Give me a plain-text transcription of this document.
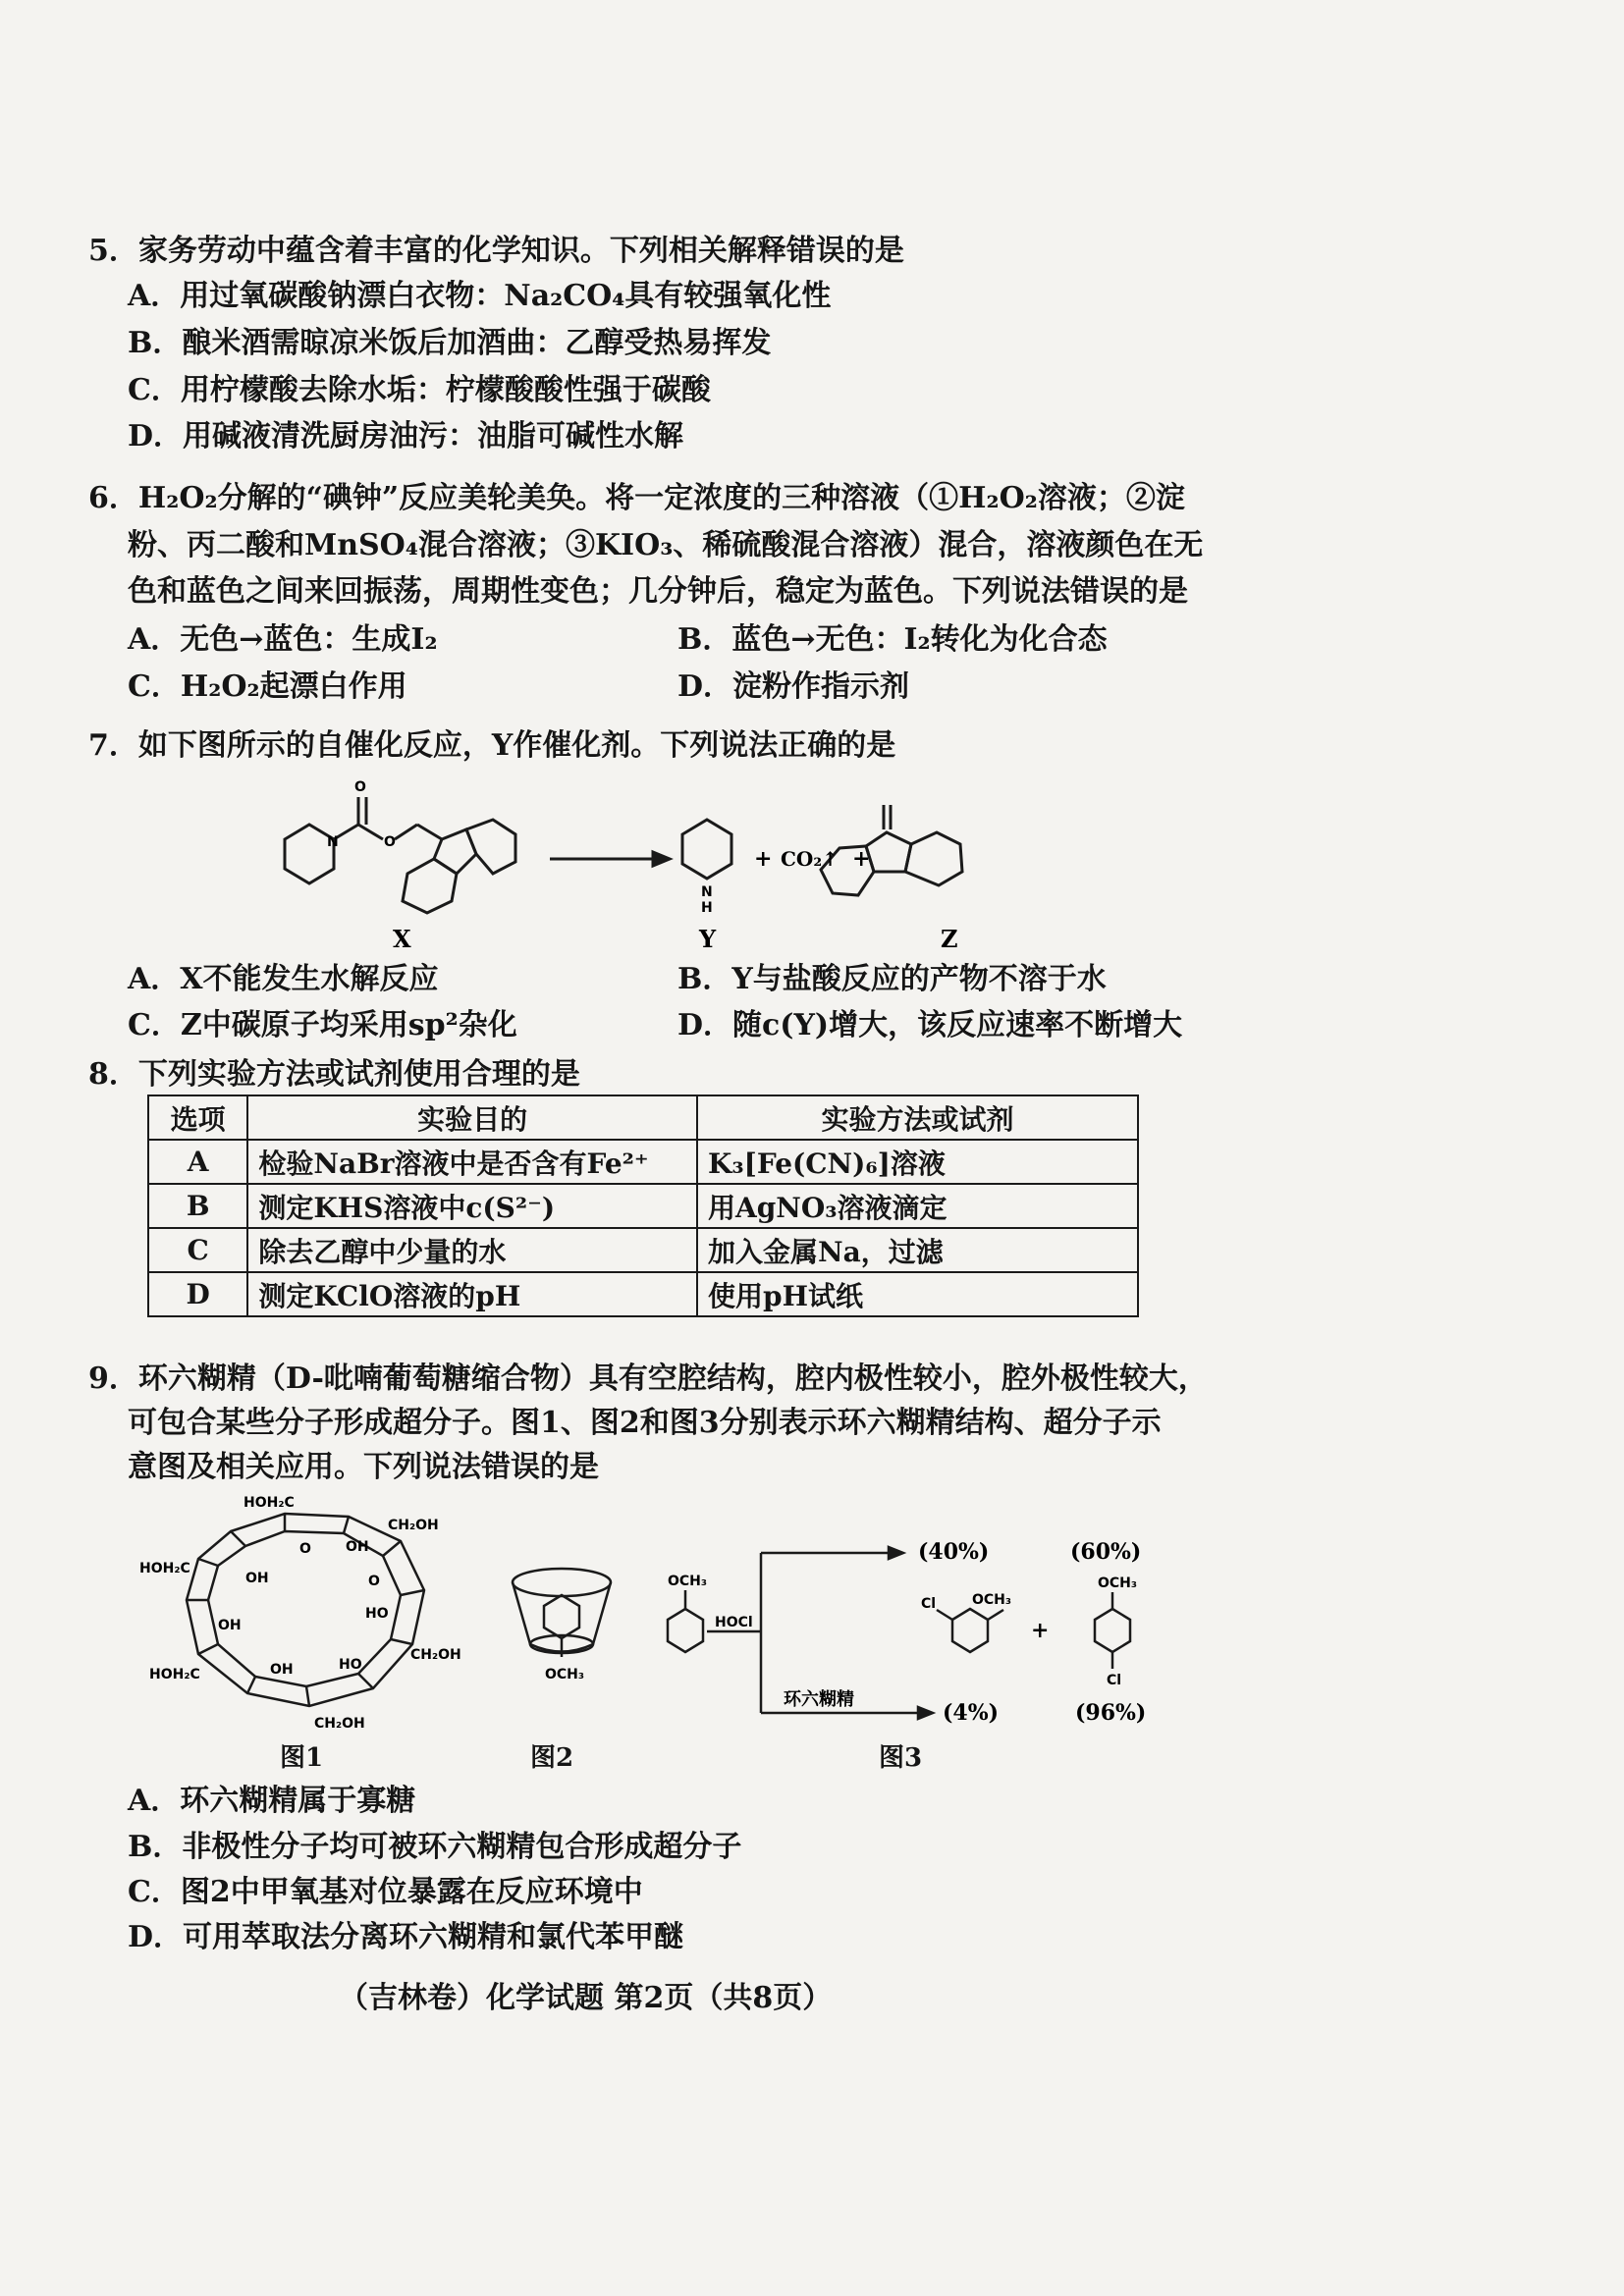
5．家务劳动中蕴含着丰富的化学知识。下列相关解释错误的是
A．用过氧碳酸钠漂白衣物：Na₂CO₄具有较强氧化性
B．酿米酒需晾凉米饭后加酒曲：乙醇受热易挥发
C．用柠檬酸去除水垢：柠檬酸酸性强于碳酸
D．用碱液清洗厨房油污：油脂可碱性水解
6．H₂O₂分解的“碘钟”反应美轮美奂。将一定浓度的三种溶液（①H₂O₂溶液；②淀
粉、丙二酸和MnSO₄混合溶液；③KIO₃、稀硫酸混合溶液）混合，溶液颜色在无
色和蓝色之间来回振荡，周期性变色；几分钟后，稳定为蓝色。下列说法错误的是
A．无色→蓝色：生成I₂	B．蓝色→无色：I₂转化为化合态
C．H₂O₂起漂白作用	D．淀粉作指示剂
7．如下图所示的自催化反应，Y作催化剂。下列说法正确的是
O
N	O
N
H
+ CO₂↑ +
X	Y	Z
A．X不能发生水解反应	B．Y与盐酸反应的产物不溶于水
C．Z中碳原子均采用sp²杂化	D．随c(Y)增大，该反应速率不断增大
8．下列实验方法或试剂使用合理的是
选项	实验目的	实验方法或试剂
A	检验NaBr溶液中是否含有Fe²⁺	K₃[Fe(CN)₆]溶液
B	测定KHS溶液中c(S²⁻)	用AgNO₃溶液滴定
C	除去乙醇中少量的水	加入金属Na，过滤
D	测定KClO溶液的pH	使用pH试纸
9．环六糊精（D-吡喃葡萄糖缩合物）具有空腔结构，腔内极性较小，腔外极性较大，
可包合某些分子形成超分子。图1、图2和图3分别表示环六糊精结构、超分子示
意图及相关应用。下列说法错误的是
HOH₂C
HOH₂C
HOH₂C
CH₂OH
CH₂OH
CH₂OH
OH
OH
OH
OH
HO
HO
O
O
OCH₃
OCH₃
HOCl
环六糊精
(40%)	(60%)
(4%)	(96%)
OCH₃
Cl
OCH₃
Cl
+
图1	图2	图3
A．环六糊精属于寡糖
B．非极性分子均可被环六糊精包合形成超分子
C．图2中甲氧基对位暴露在反应环境中
D．可用萃取法分离环六糊精和氯代苯甲醚
（吉林卷）化学试题 第2页（共8页）
